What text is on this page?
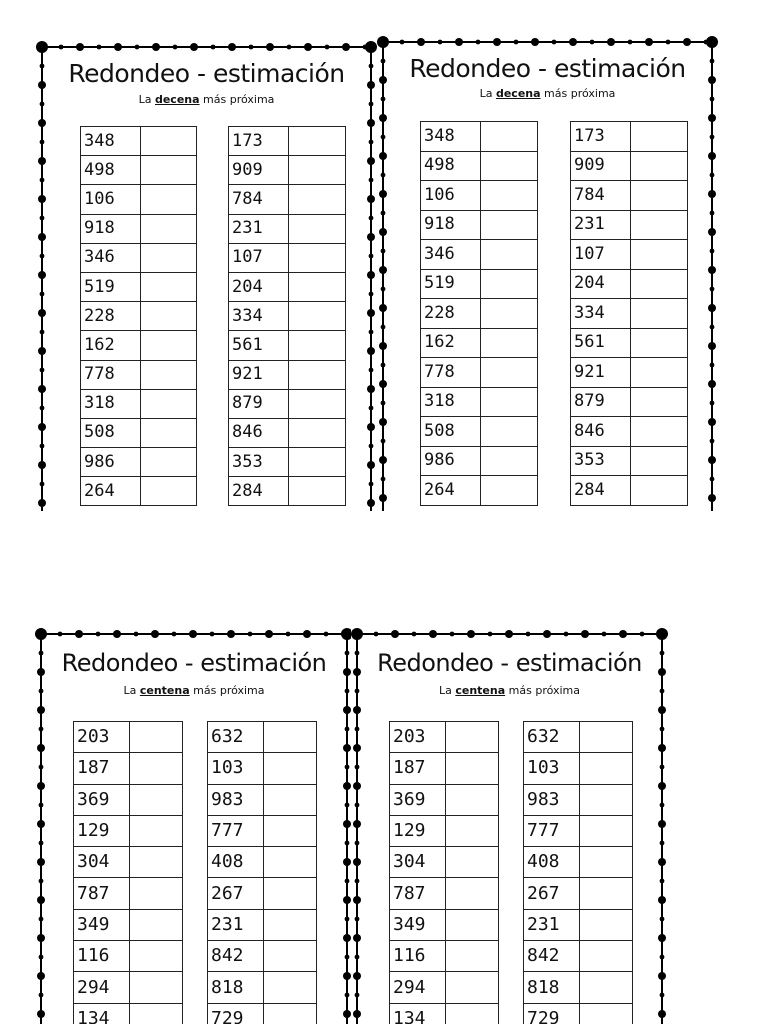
Redondeo - estimación
La decena más próxima
348	
498	
106	
918	
346	
519	
228	
162	
778	
318	
508	
986	
264	
173	
909	
784	
231	
107	
204	
334	
561	
921	
879	
846	
353	
284	
Redondeo - estimación
La decena más próxima
348	
498	
106	
918	
346	
519	
228	
162	
778	
318	
508	
986	
264	
173	
909	
784	
231	
107	
204	
334	
561	
921	
879	
846	
353	
284	
Redondeo - estimación
La centena más próxima
203	
187	
369	
129	
304	
787	
349	
116	
294	
134	
632	
103	
983	
777	
408	
267	
231	
842	
818	
729	
Redondeo - estimación
La centena más próxima
203	
187	
369	
129	
304	
787	
349	
116	
294	
134	
632	
103	
983	
777	
408	
267	
231	
842	
818	
729	
